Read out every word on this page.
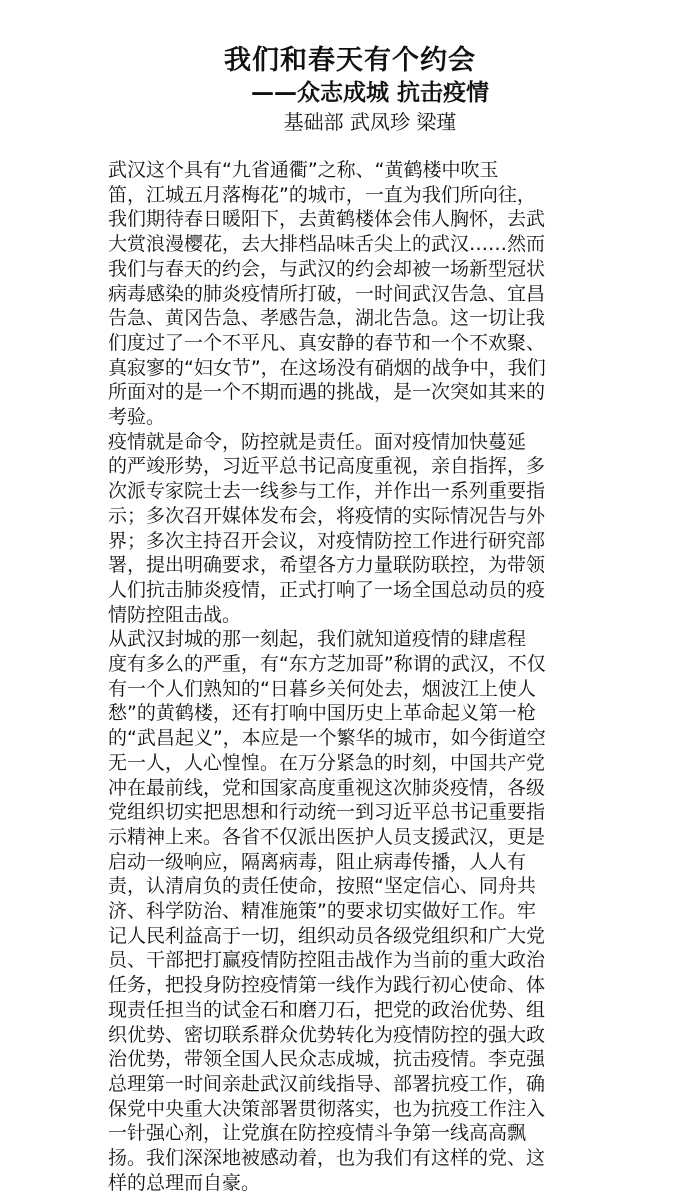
我们和春天有个约会
——众志成城 抗击疫情
基础部 武凤珍 梁瑾
武汉这个具有“九省通衢”之称、“黄鹤楼中吹玉
笛，江城五月落梅花”的城市，一直为我们所向往，
我们期待春日暖阳下，去黄鹤楼体会伟人胸怀，去武
大赏浪漫樱花，去大排档品味舌尖上的武汉……然而
我们与春天的约会，与武汉的约会却被一场新型冠状
病毒感染的肺炎疫情所打破，一时间武汉告急、宜昌
告急、黄冈告急、孝感告急，湖北告急。这一切让我
们度过了一个不平凡、真安静的春节和一个不欢聚、
真寂寥的“妇女节”，在这场没有硝烟的战争中，我们
所面对的是一个不期而遇的挑战，是一次突如其来的
考验。
疫情就是命令，防控就是责任。面对疫情加快蔓延
的严竣形势，习近平总书记高度重视，亲自指挥，多
次派专家院士去一线参与工作，并作出一系列重要指
示；多次召开媒体发布会，将疫情的实际情况告与外
界；多次主持召开会议，对疫情防控工作进行研究部
署，提出明确要求，希望各方力量联防联控，为带领
人们抗击肺炎疫情，正式打响了一场全国总动员的疫
情防控阻击战。
从武汉封城的那一刻起，我们就知道疫情的肆虐程
度有多么的严重，有“东方芝加哥”称谓的武汉，不仅
有一个人们熟知的“日暮乡关何处去，烟波江上使人
愁”的黄鹤楼，还有打响中国历史上革命起义第一枪
的“武昌起义”，本应是一个繁华的城市，如今街道空
无一人，人心惶惶。在万分紧急的时刻，中国共产党
冲在最前线，党和国家高度重视这次肺炎疫情，各级
党组织切实把思想和行动统一到习近平总书记重要指
示精神上来。各省不仅派出医护人员支援武汉，更是
启动一级响应，隔离病毒，阻止病毒传播，人人有
责，认清肩负的责任使命，按照“坚定信心、同舟共
济、科学防治、精准施策”的要求切实做好工作。牢
记人民利益高于一切，组织动员各级党组织和广大党
员、干部把打赢疫情防控阻击战作为当前的重大政治
任务，把投身防控疫情第一线作为践行初心使命、体
现责任担当的试金石和磨刀石，把党的政治优势、组
织优势、密切联系群众优势转化为疫情防控的强大政
治优势，带领全国人民众志成城，抗击疫情。李克强
总理第一时间亲赴武汉前线指导、部署抗疫工作，确
保党中央重大决策部署贯彻落实，也为抗疫工作注入
一针强心剂，让党旗在防控疫情斗争第一线高高飘
扬。我们深深地被感动着，也为我们有这样的党、这
样的总理而自豪。
